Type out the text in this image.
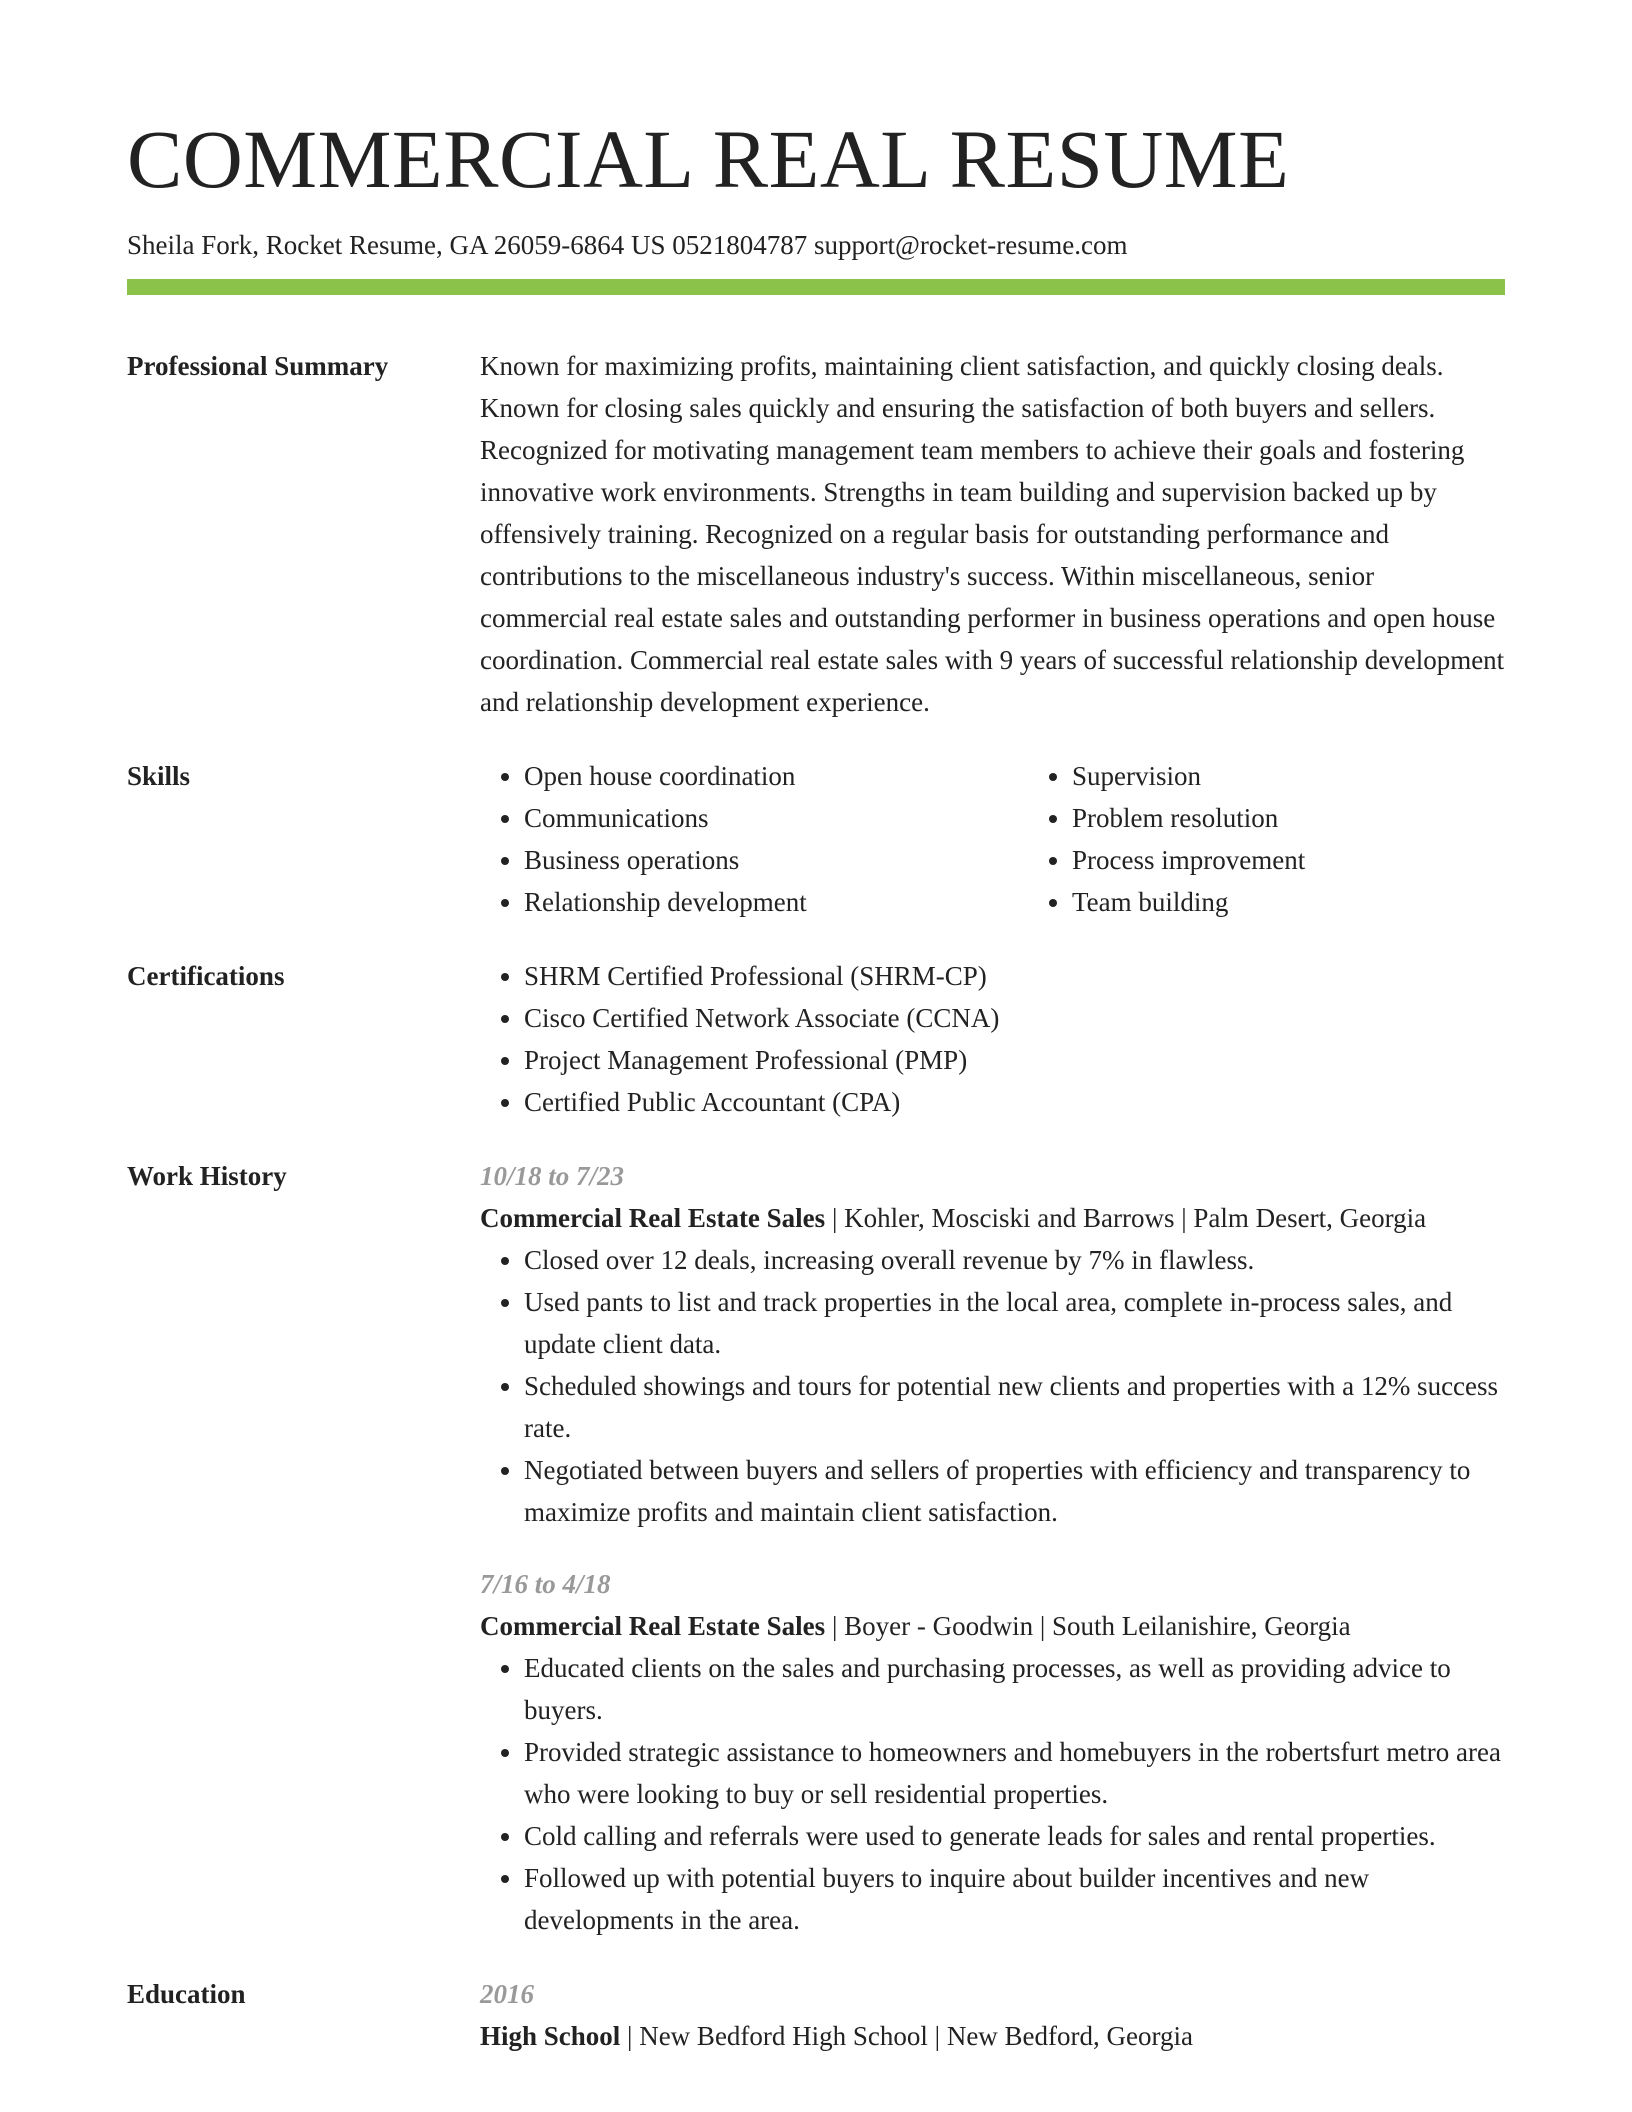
COMMERCIAL REAL RESUME
Sheila Fork, Rocket Resume, GA 26059-6864 US 0521804787 support@rocket-resume.com
Professional Summary	Known for maximizing profits, maintaining client satisfaction, and quickly closing deals. Known for closing sales quickly and ensuring the satisfaction of both buyers and sellers. Recognized for motivating management team members to achieve their goals and fostering innovative work environments. Strengths in team building and supervision backed up by offensively training. Recognized on a regular basis for outstanding performance and contributions to the miscellaneous industry's success. Within miscellaneous, senior commercial real estate sales and outstanding performer in business operations and open house coordination. Commercial real estate sales with 9 years of successful relationship development and relationship development experience.
Skills	• Open house coordination
• Communications
• Business operations
• Relationship development
• Supervision
• Problem resolution
• Process improvement
• Team building
Certifications	• SHRM Certified Professional (SHRM-CP)
• Cisco Certified Network Associate (CCNA)
• Project Management Professional (PMP)
• Certified Public Accountant (CPA)
Work History	10/18 to 7/23
Commercial Real Estate Sales | Kohler, Mosciski and Barrows | Palm Desert, Georgia
• Closed over 12 deals, increasing overall revenue by 7% in flawless.
• Used pants to list and track properties in the local area, complete in-process sales, and update client data.
• Scheduled showings and tours for potential new clients and properties with a 12% success rate.
• Negotiated between buyers and sellers of properties with efficiency and transparency to maximize profits and maintain client satisfaction.
7/16 to 4/18
Commercial Real Estate Sales | Boyer - Goodwin | South Leilanishire, Georgia
• Educated clients on the sales and purchasing processes, as well as providing advice to buyers.
• Provided strategic assistance to homeowners and homebuyers in the robertsfurt metro area who were looking to buy or sell residential properties.
• Cold calling and referrals were used to generate leads for sales and rental properties.
• Followed up with potential buyers to inquire about builder incentives and new developments in the area.
Education	2016
High School | New Bedford High School | New Bedford, Georgia
